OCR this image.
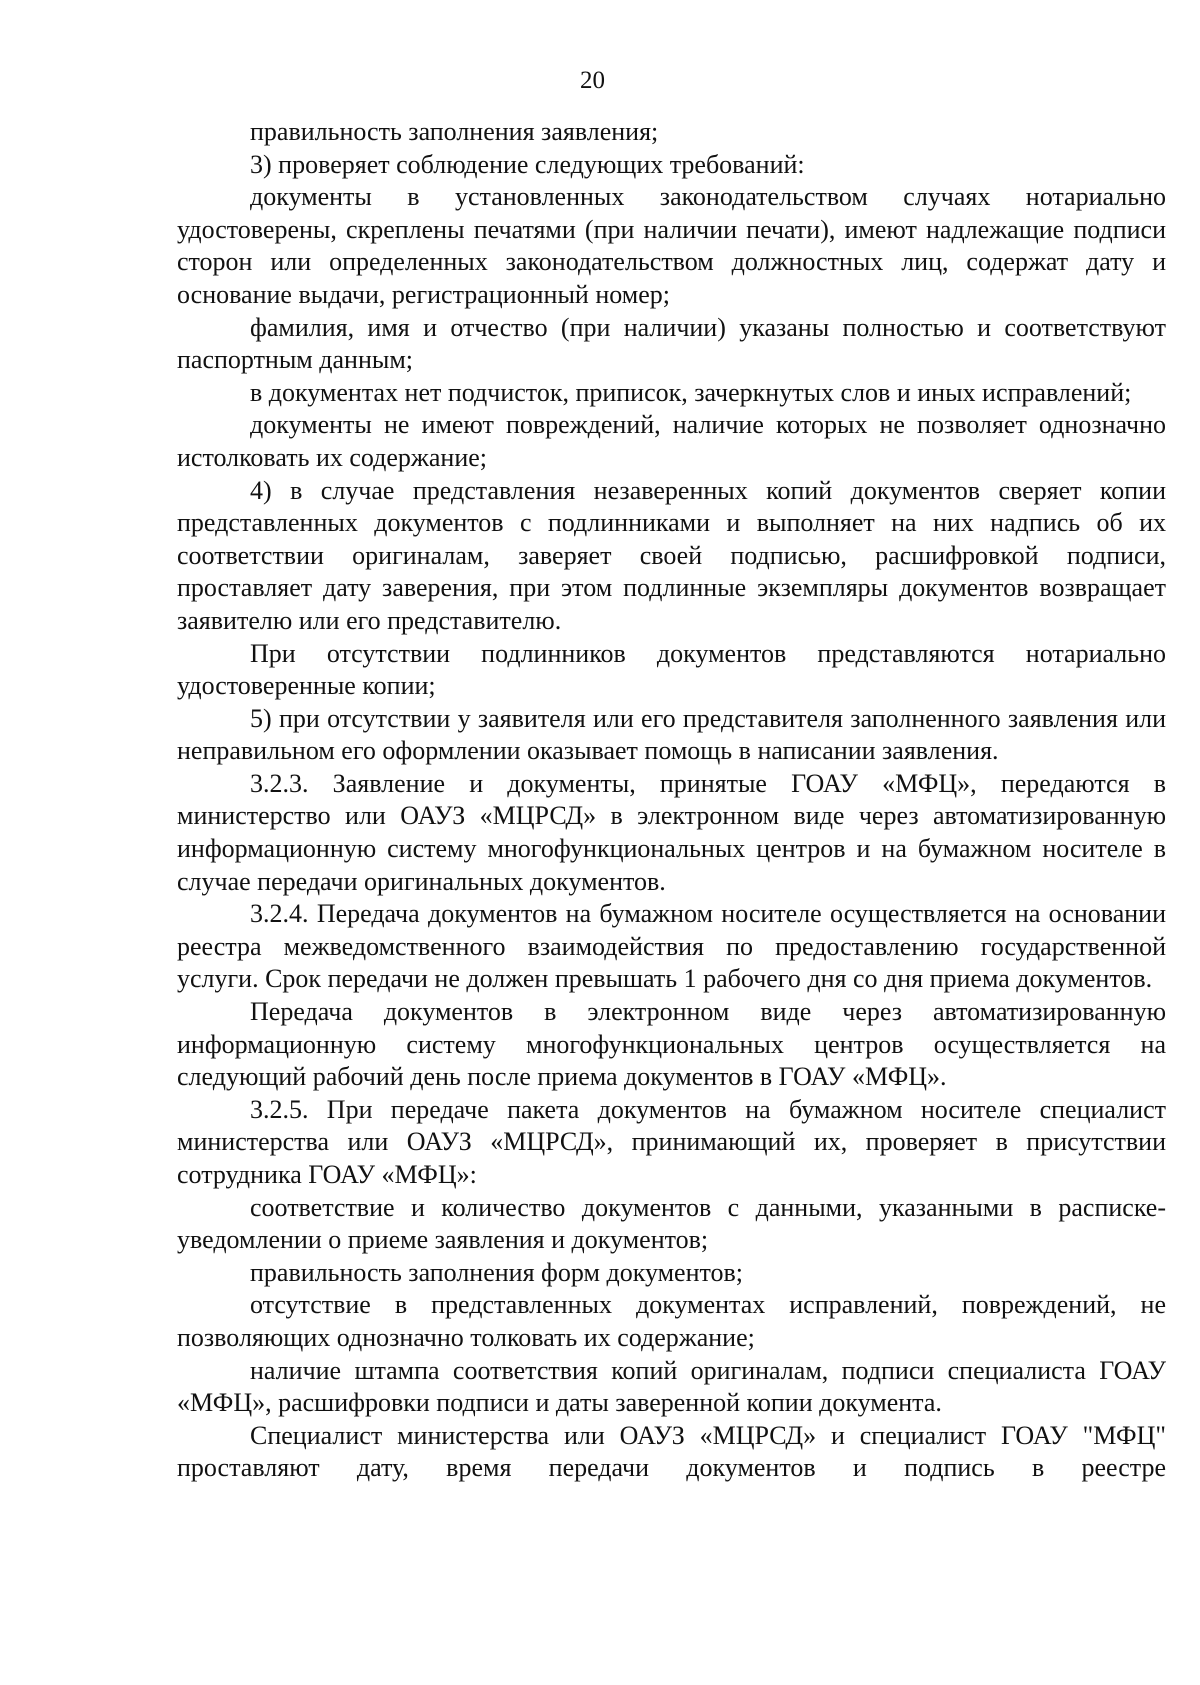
20

правильность заполнения заявления;

3) проверяет соблюдение следующих требований:

документы в установленных законодательством случаях нотариально удостоверены, скреплены печатями (при наличии печати), имеют надлежащие подписи сторон или определенных законодательством должностных лиц, содержат дату и основание выдачи, регистрационный номер;

фамилия, имя и отчество (при наличии) указаны полностью и соответствуют паспортным данным;

в документах нет подчисток, приписок, зачеркнутых слов и иных исправлений;

документы не имеют повреждений, наличие которых не позволяет однозначно истолковать их содержание;

4) в случае представления незаверенных копий документов сверяет копии представленных документов с подлинниками и выполняет на них надпись об их соответствии оригиналам, заверяет своей подписью, расшифровкой подписи, проставляет дату заверения, при этом подлинные экземпляры документов возвращает заявителю или его представителю.

При отсутствии подлинников документов представляются нотариально удостоверенные копии;

5) при отсутствии у заявителя или его представителя заполненного заявления или неправильном его оформлении оказывает помощь в написании заявления.

3.2.3. Заявление и документы, принятые ГОАУ «МФЦ», передаются в министерство или ОАУЗ «МЦРСД» в электронном виде через автоматизированную информационную систему многофункциональных центров и на бумажном носителе в случае передачи оригинальных документов.

3.2.4. Передача документов на бумажном носителе осуществляется на основании реестра межведомственного взаимодействия по предоставлению государственной услуги. Срок передачи не должен превышать 1 рабочего дня со дня приема документов.

Передача документов в электронном виде через автоматизированную информационную систему многофункциональных центров осуществляется на следующий рабочий день после приема документов в ГОАУ «МФЦ».

3.2.5. При передаче пакета документов на бумажном носителе специалист министерства или ОАУЗ «МЦРСД», принимающий их, проверяет в присутствии сотрудника ГОАУ «МФЦ»:

соответствие и количество документов с данными, указанными в расписке-уведомлении о приеме заявления и документов;

правильность заполнения форм документов;

отсутствие в представленных документах исправлений, повреждений, не позволяющих однозначно толковать их содержание;

наличие штампа соответствия копий оригиналам, подписи специалиста ГОАУ «МФЦ», расшифровки подписи и даты заверенной копии документа.

Специалист министерства или ОАУЗ «МЦРСД» и специалист ГОАУ "МФЦ" проставляют дату, время передачи документов и подпись в реестре
